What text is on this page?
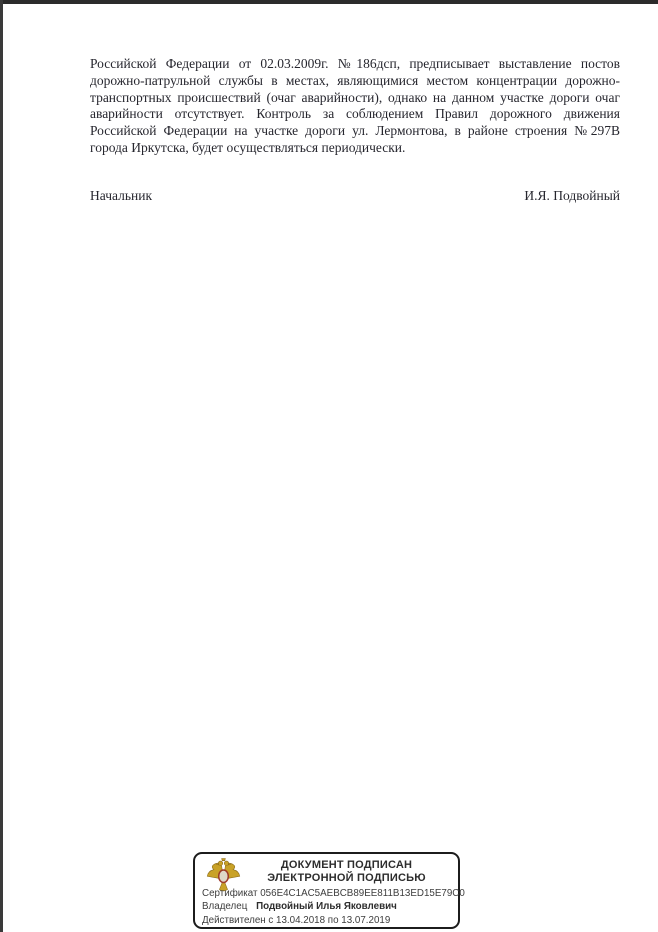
Российской Федерации от 02.03.2009г. №186дсп, предписывает выставление постов дорожно-патрульной службы в местах, являющимися местом концентрации дорожно-транспортных происшествий (очаг аварийности), однако на данном участке дороги очаг аварийности отсутствует. Контроль за соблюдением Правил дорожного движения Российской Федерации на участке дороги ул. Лермонтова, в районе строения №297В города Иркутска, будет осуществляться периодически.

Начальник	И.Я. Подвойный
ДОКУМЕНТ ПОДПИСАН
ЭЛЕКТРОННОЙ ПОДПИСЬЮ
Сертификат 056E4C1AC5AEBCB89EE811B13ED15E79C0
Владелец Подвойный Илья Яковлевич
Действителен с 13.04.2018 по 13.07.2019
